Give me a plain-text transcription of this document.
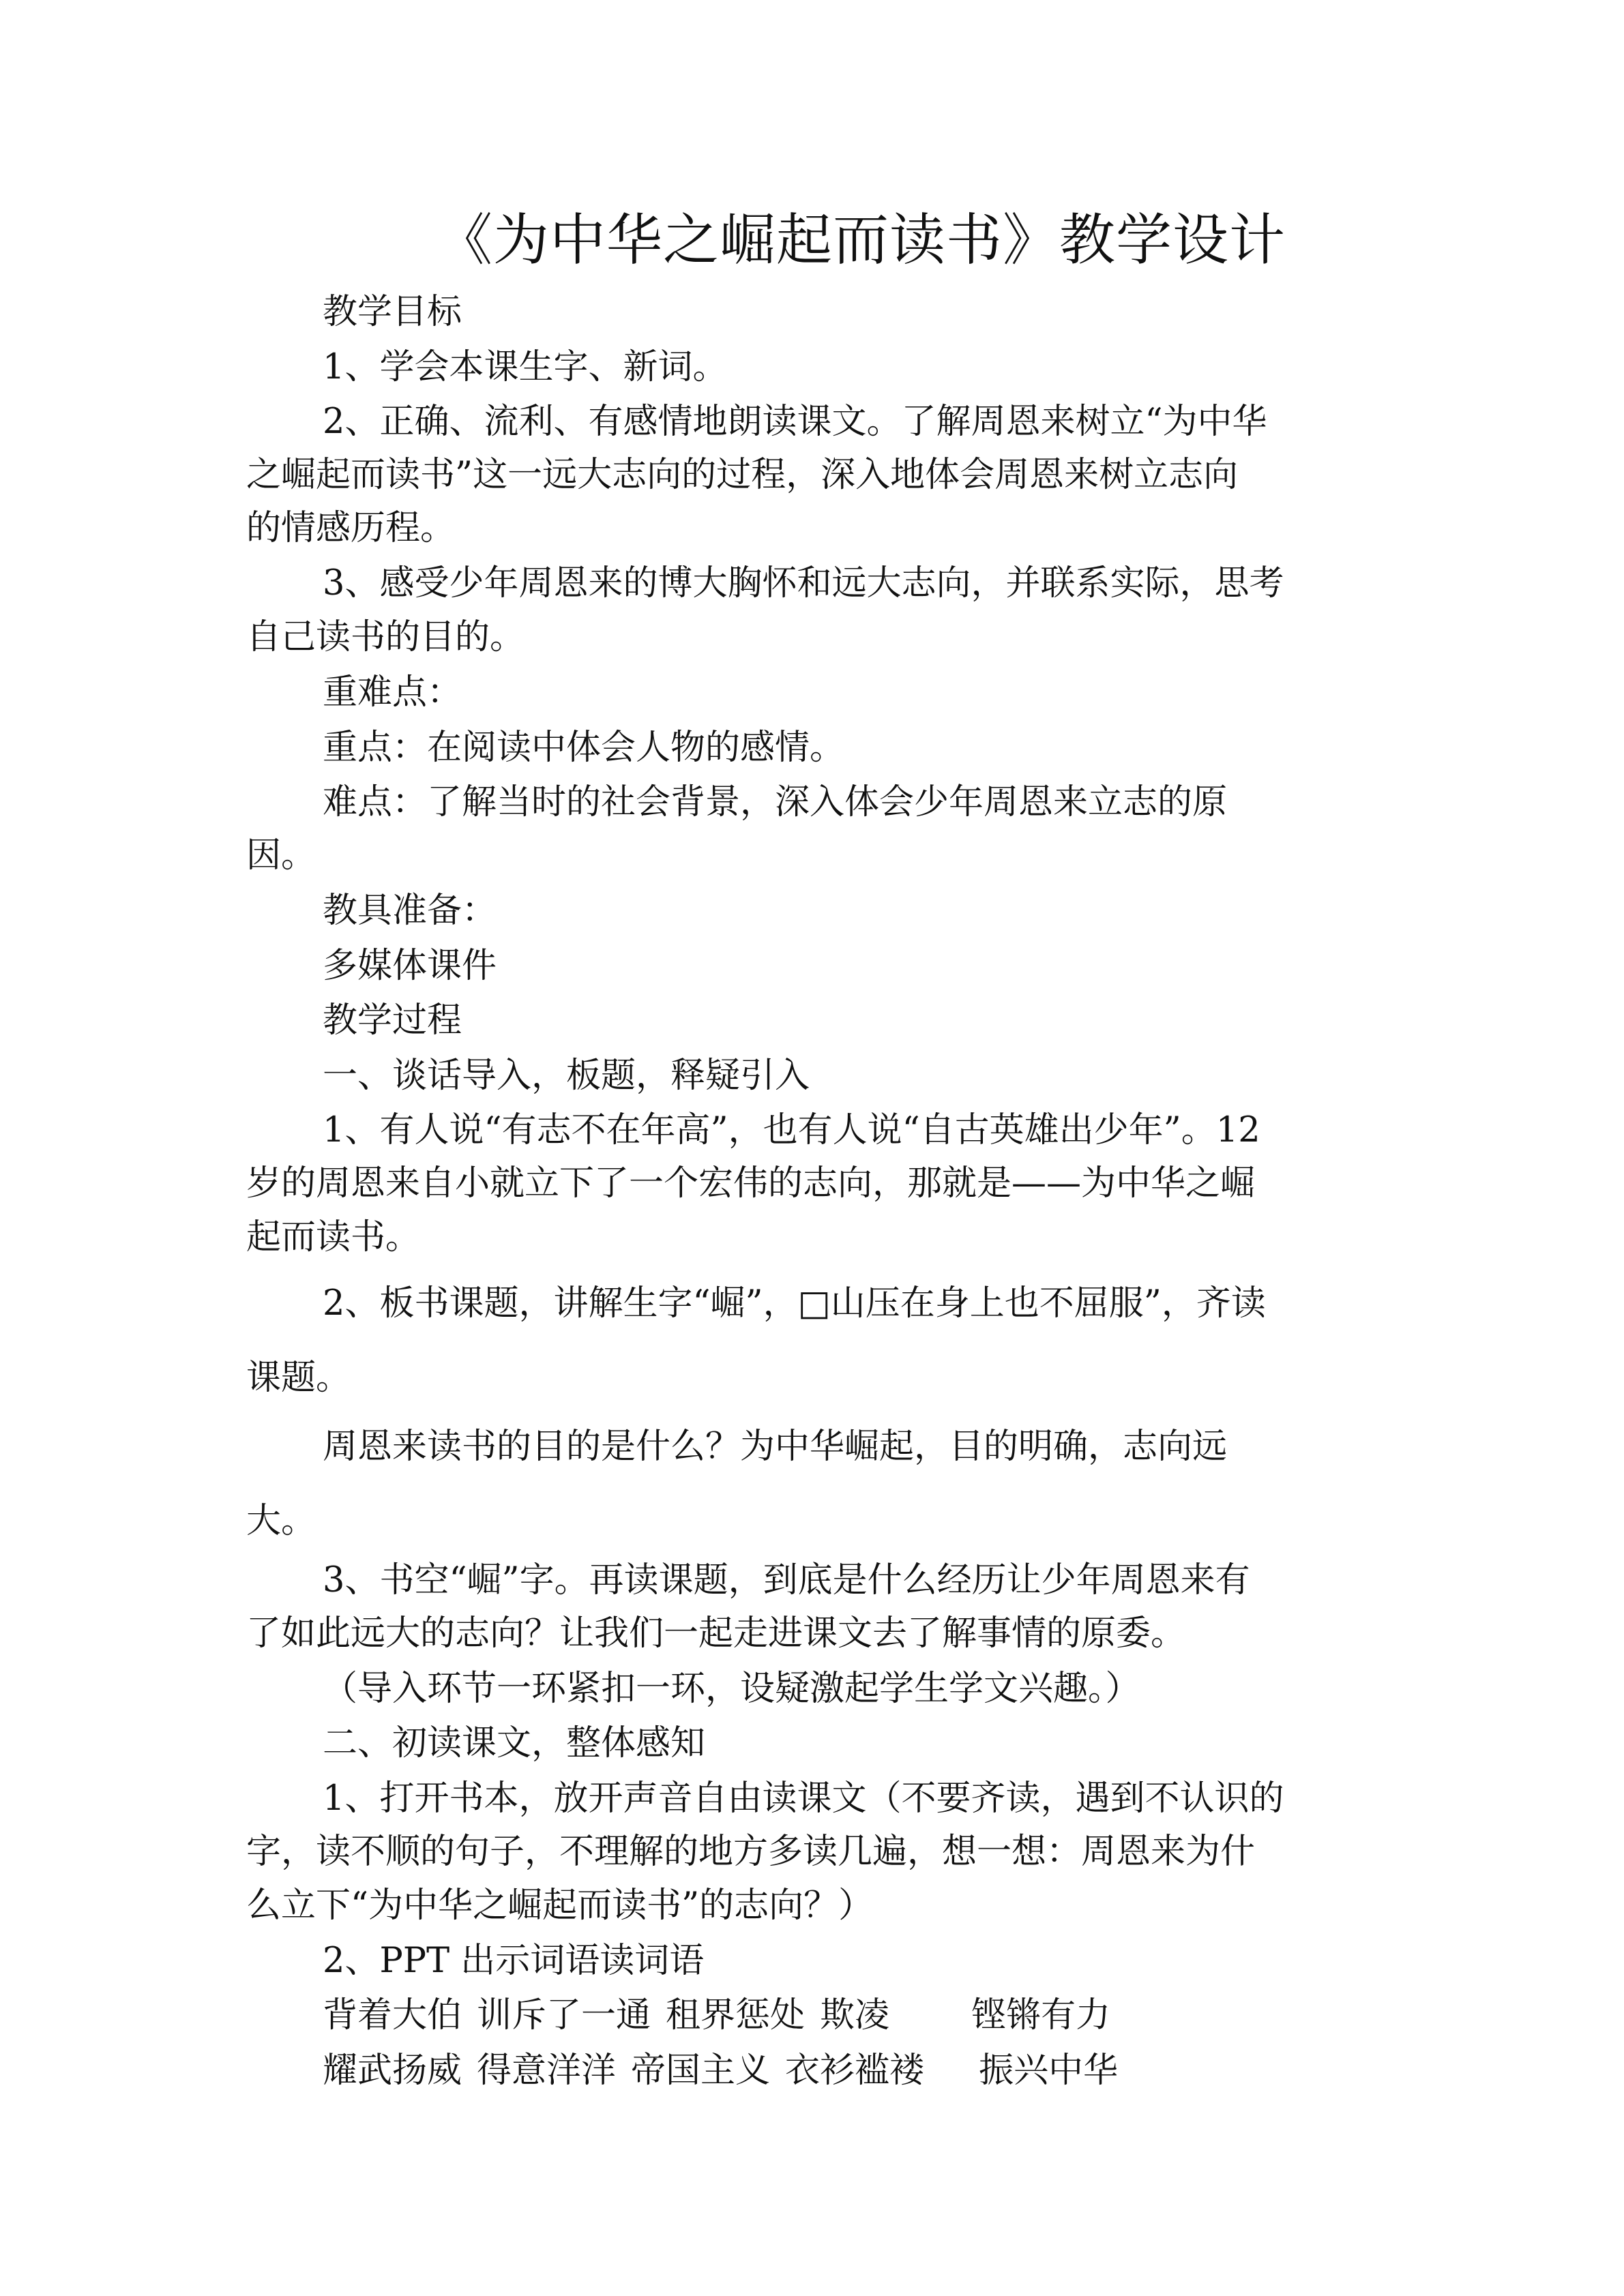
《为中华之崛起而读书》教学设计
教学目标
1、学会本课生字、新词。
2、正确、流利、有感情地朗读课文。了解周恩来树立“为中华
之崛起而读书”这一远大志向的过程，深入地体会周恩来树立志向
的情感历程。
3、感受少年周恩来的博大胸怀和远大志向，并联系实际，思考
自己读书的目的。
重难点：
重点：在阅读中体会人物的感情。
难点：了解当时的社会背景，深入体会少年周恩来立志的原
因。
教具准备：
多媒体课件
教学过程
一、谈话导入，板题，释疑引入
1、有人说“有志不在年高”，也有人说“自古英雄出少年”。12
岁的周恩来自小就立下了一个宏伟的志向，那就是——为中华之崛
起而读书。
2、板书课题，讲解生字“崛”，□山压在身上也不屈服”，齐读
课题。
周恩来读书的目的是什么？为中华崛起，目的明确，志向远
大。
3、书空“崛”字。再读课题，到底是什么经历让少年周恩来有
了如此远大的志向？让我们一起走进课文去了解事情的原委。
（导入环节一环紧扣一环，设疑激起学生学文兴趣。）
二、初读课文，整体感知
1、打开书本，放开声音自由读课文（不要齐读，遇到不认识的
字，读不顺的句子，不理解的地方多读几遍，想一想：周恩来为什
么立下“为中华之崛起而读书”的志向？）
2、PPT 出示词语读词语
背着大伯 训斥了一通 租界惩处 欺凌 铿锵有力
耀武扬威 得意洋洋 帝国主义 衣衫褴褛 振兴中华
